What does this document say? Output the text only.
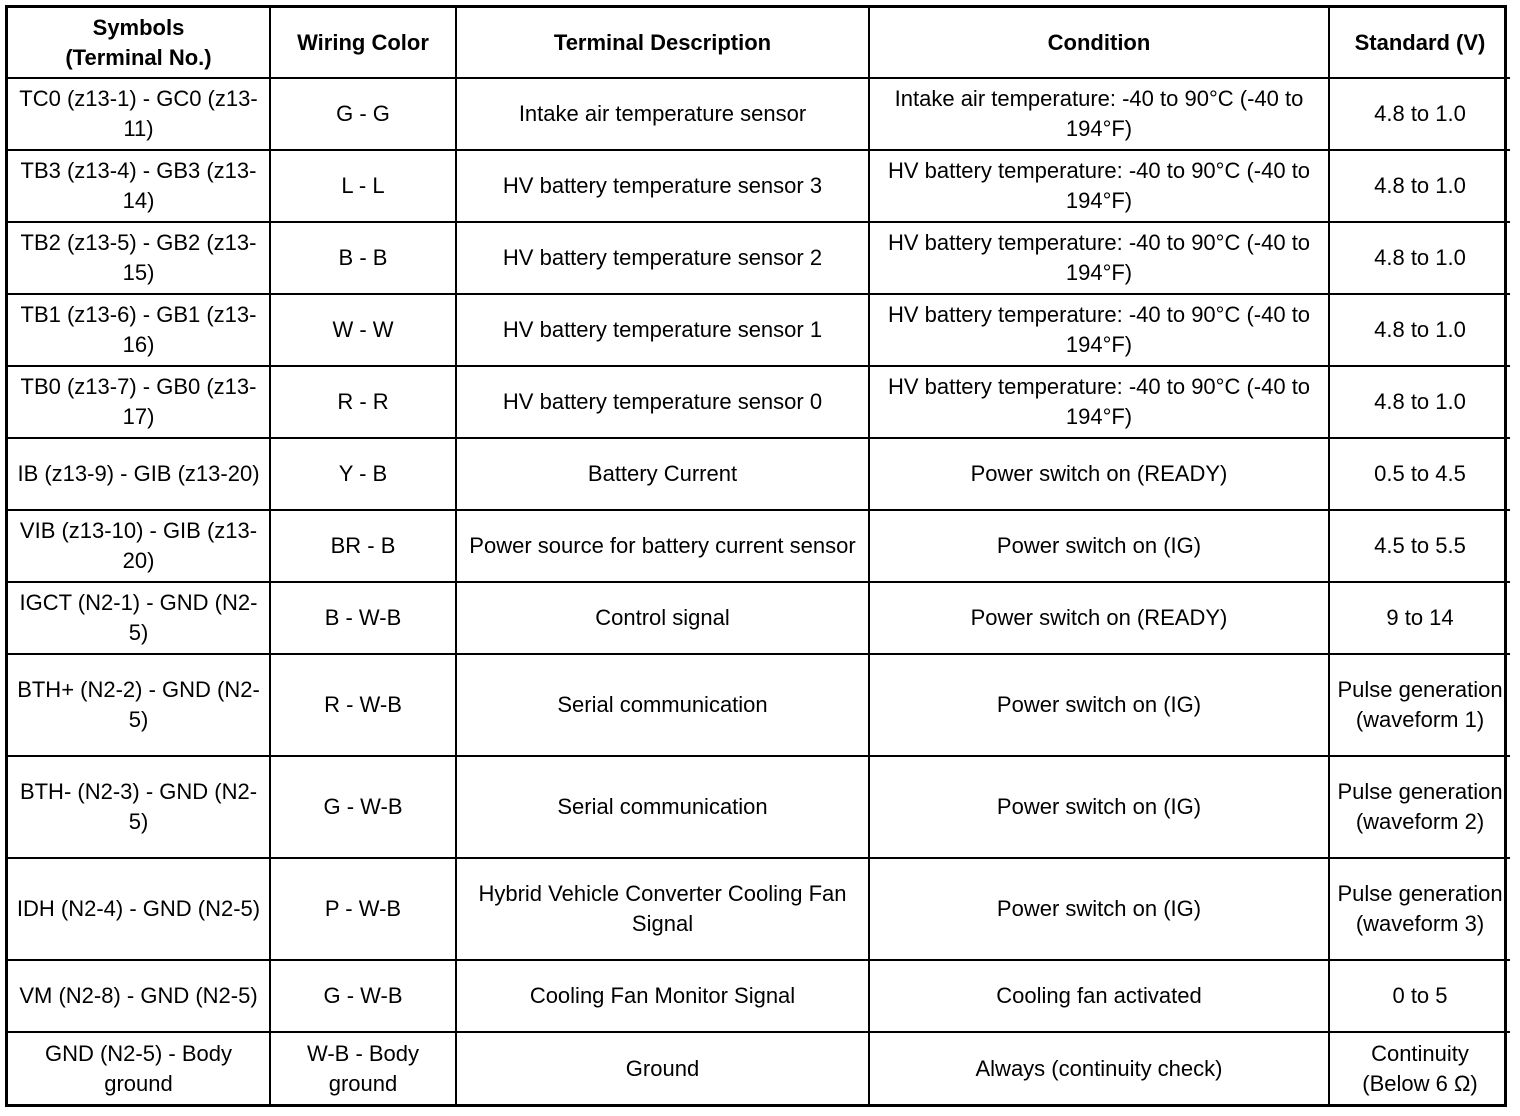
Symbols
(Terminal No.)	Wiring Color	Terminal Description	Condition	Standard (V)
TC0 (z13-1) - GC0 (z13-11)	G - G	Intake air temperature sensor	Intake air temperature: -40 to 90°C (-40 to 194°F)	4.8 to 1.0
TB3 (z13-4) - GB3 (z13-14)	L - L	HV battery temperature sensor 3	HV battery temperature: -40 to 90°C (-40 to 194°F)	4.8 to 1.0
TB2 (z13-5) - GB2 (z13-15)	B - B	HV battery temperature sensor 2	HV battery temperature: -40 to 90°C (-40 to 194°F)	4.8 to 1.0
TB1 (z13-6) - GB1 (z13-16)	W - W	HV battery temperature sensor 1	HV battery temperature: -40 to 90°C (-40 to 194°F)	4.8 to 1.0
TB0 (z13-7) - GB0 (z13-17)	R - R	HV battery temperature sensor 0	HV battery temperature: -40 to 90°C (-40 to 194°F)	4.8 to 1.0
IB (z13-9) - GIB (z13-20)	Y - B	Battery Current	Power switch on (READY)	0.5 to 4.5
VIB (z13-10) - GIB (z13-20)	BR - B	Power source for battery current sensor	Power switch on (IG)	4.5 to 5.5
IGCT (N2-1) - GND (N2-5)	B - W-B	Control signal	Power switch on (READY)	9 to 14
BTH+ (N2-2) - GND (N2-5)	R - W-B	Serial communication	Power switch on (IG)	Pulse generation (waveform 1)
BTH- (N2-3) - GND (N2-5)	G - W-B	Serial communication	Power switch on (IG)	Pulse generation (waveform 2)
IDH (N2-4) - GND (N2-5)	P - W-B	Hybrid Vehicle Converter Cooling Fan Signal	Power switch on (IG)	Pulse generation (waveform 3)
VM (N2-8) - GND (N2-5)	G - W-B	Cooling Fan Monitor Signal	Cooling fan activated	0 to 5
GND (N2-5) - Body ground	W-B - Body ground	Ground	Always (continuity check)	Continuity (Below 6 Ω)
